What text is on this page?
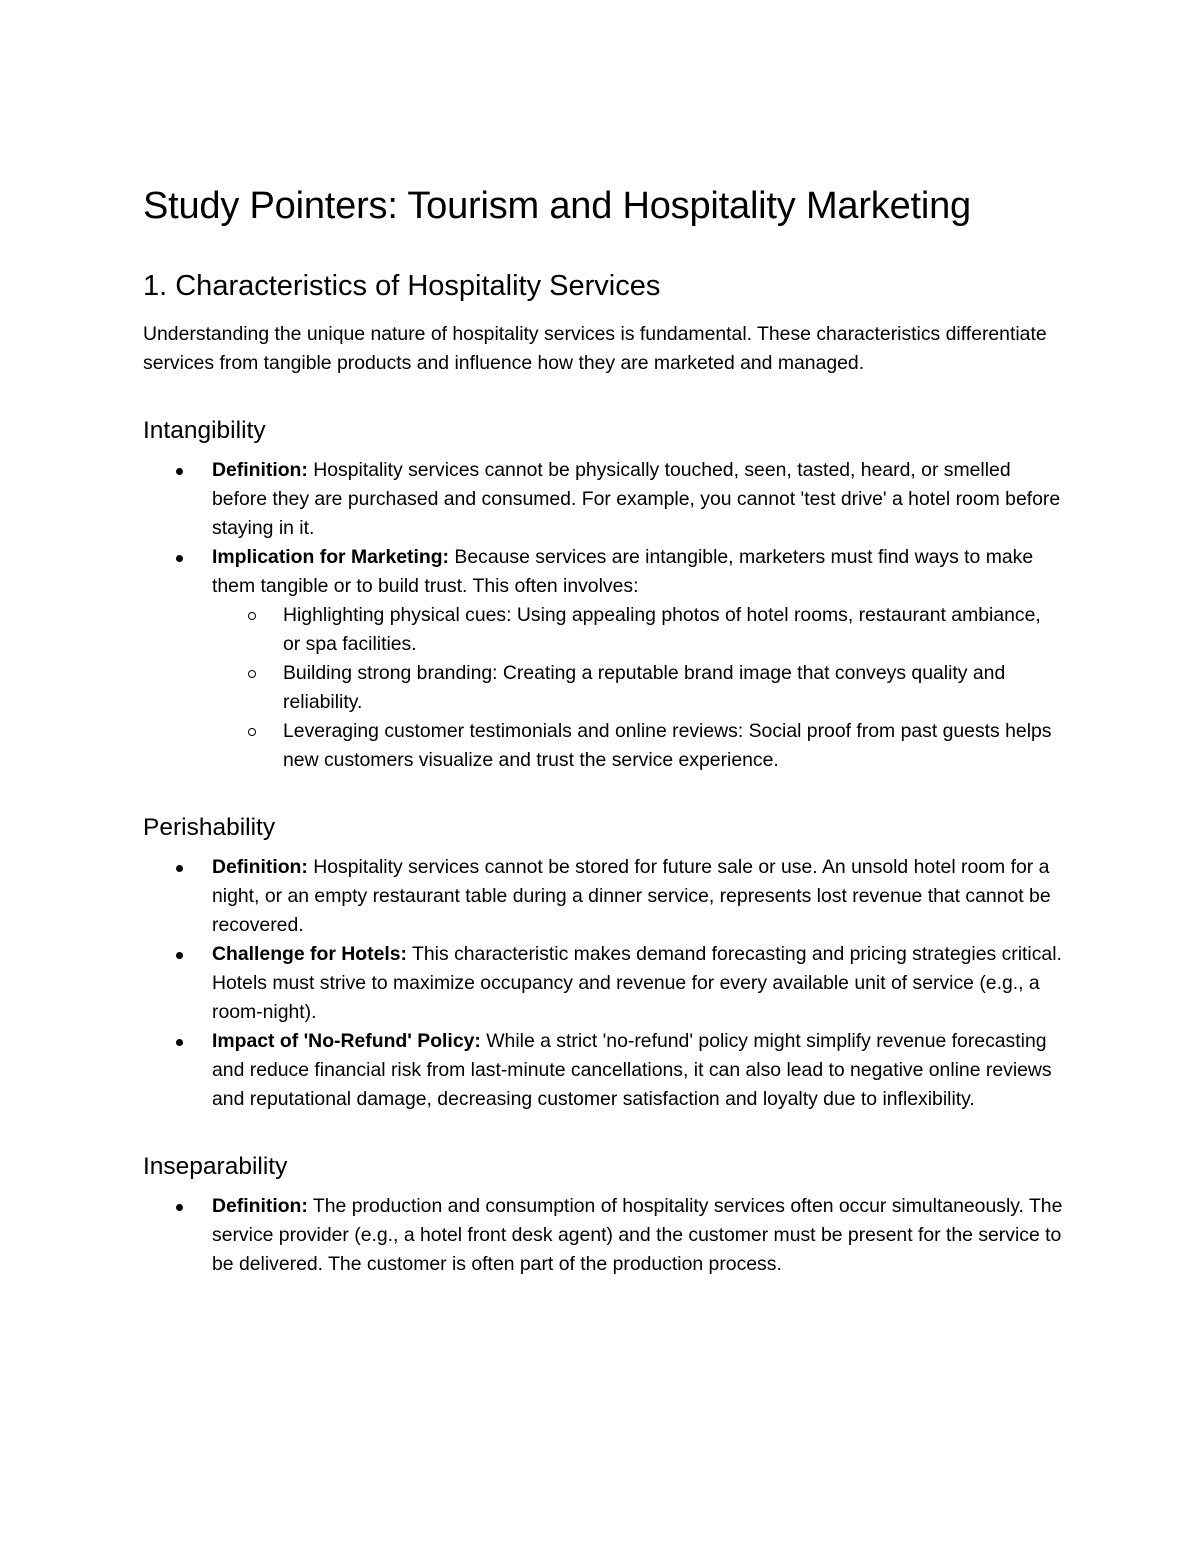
Study Pointers: Tourism and Hospitality Marketing
1. Characteristics of Hospitality Services

Understanding the unique nature of hospitality services is fundamental. These characteristics differentiate services from tangible products and influence how they are marketed and managed.

Intangibility
Definition: Hospitality services cannot be physically touched, seen, tasted, heard, or smelled before they are purchased and consumed. For example, you cannot 'test drive' a hotel room before staying in it.
Implication for Marketing: Because services are intangible, marketers must find ways to make them tangible or to build trust. This often involves:
Highlighting physical cues: Using appealing photos of hotel rooms, restaurant ambiance, or spa facilities.
Building strong branding: Creating a reputable brand image that conveys quality and reliability.
Leveraging customer testimonials and online reviews: Social proof from past guests helps new customers visualize and trust the service experience.
Perishability
Definition: Hospitality services cannot be stored for future sale or use. An unsold hotel room for a night, or an empty restaurant table during a dinner service, represents lost revenue that cannot be recovered.
Challenge for Hotels: This characteristic makes demand forecasting and pricing strategies critical. Hotels must strive to maximize occupancy and revenue for every available unit of service (e.g., a room-night).
Impact of 'No-Refund' Policy: While a strict 'no-refund' policy might simplify revenue forecasting and reduce financial risk from last-minute cancellations, it can also lead to negative online reviews and reputational damage, decreasing customer satisfaction and loyalty due to inflexibility.
Inseparability
Definition: The production and consumption of hospitality services often occur simultaneously. The service provider (e.g., a hotel front desk agent) and the customer must be present for the service to be delivered. The customer is often part of the production process.
